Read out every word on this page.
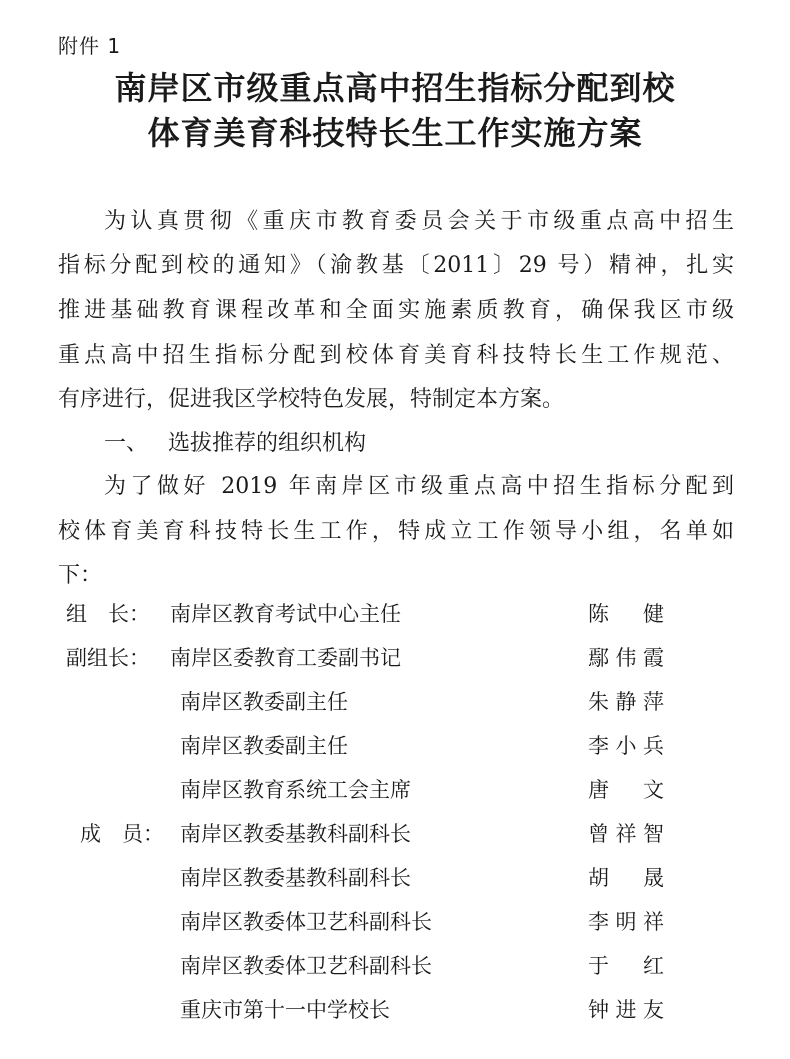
附件 1
南岸区市级重点高中招生指标分配到校
体育美育科技特长生工作实施方案
为认真贯彻《重庆市教育委员会关于市级重点高中招生
指标分配到校的通知》（渝教基〔2011〕29 号）精神，扎实
推进基础教育课程改革和全面实施素质教育，确保我区市级
重点高中招生指标分配到校体育美育科技特长生工作规范、
有序进行，促进我区学校特色发展，特制定本方案。
一、 选拔推荐的组织机构
为了做好 2019 年南岸区市级重点高中招生指标分配到
校体育美育科技特长生工作，特成立工作领导小组，名单如
下：
组　长： 南岸区教育考试中心主任	陈健
副组长： 南岸区委教育工委副书记	鄢伟霞
南岸区教委副主任	朱静萍
南岸区教委副主任	李小兵
南岸区教育系统工会主席	唐文
成　员： 南岸区教委基教科副科长	曾祥智
南岸区教委基教科副科长	胡晟
南岸区教委体卫艺科副科长	李明祥
南岸区教委体卫艺科副科长	于红
重庆市第十一中学校长	钟进友
